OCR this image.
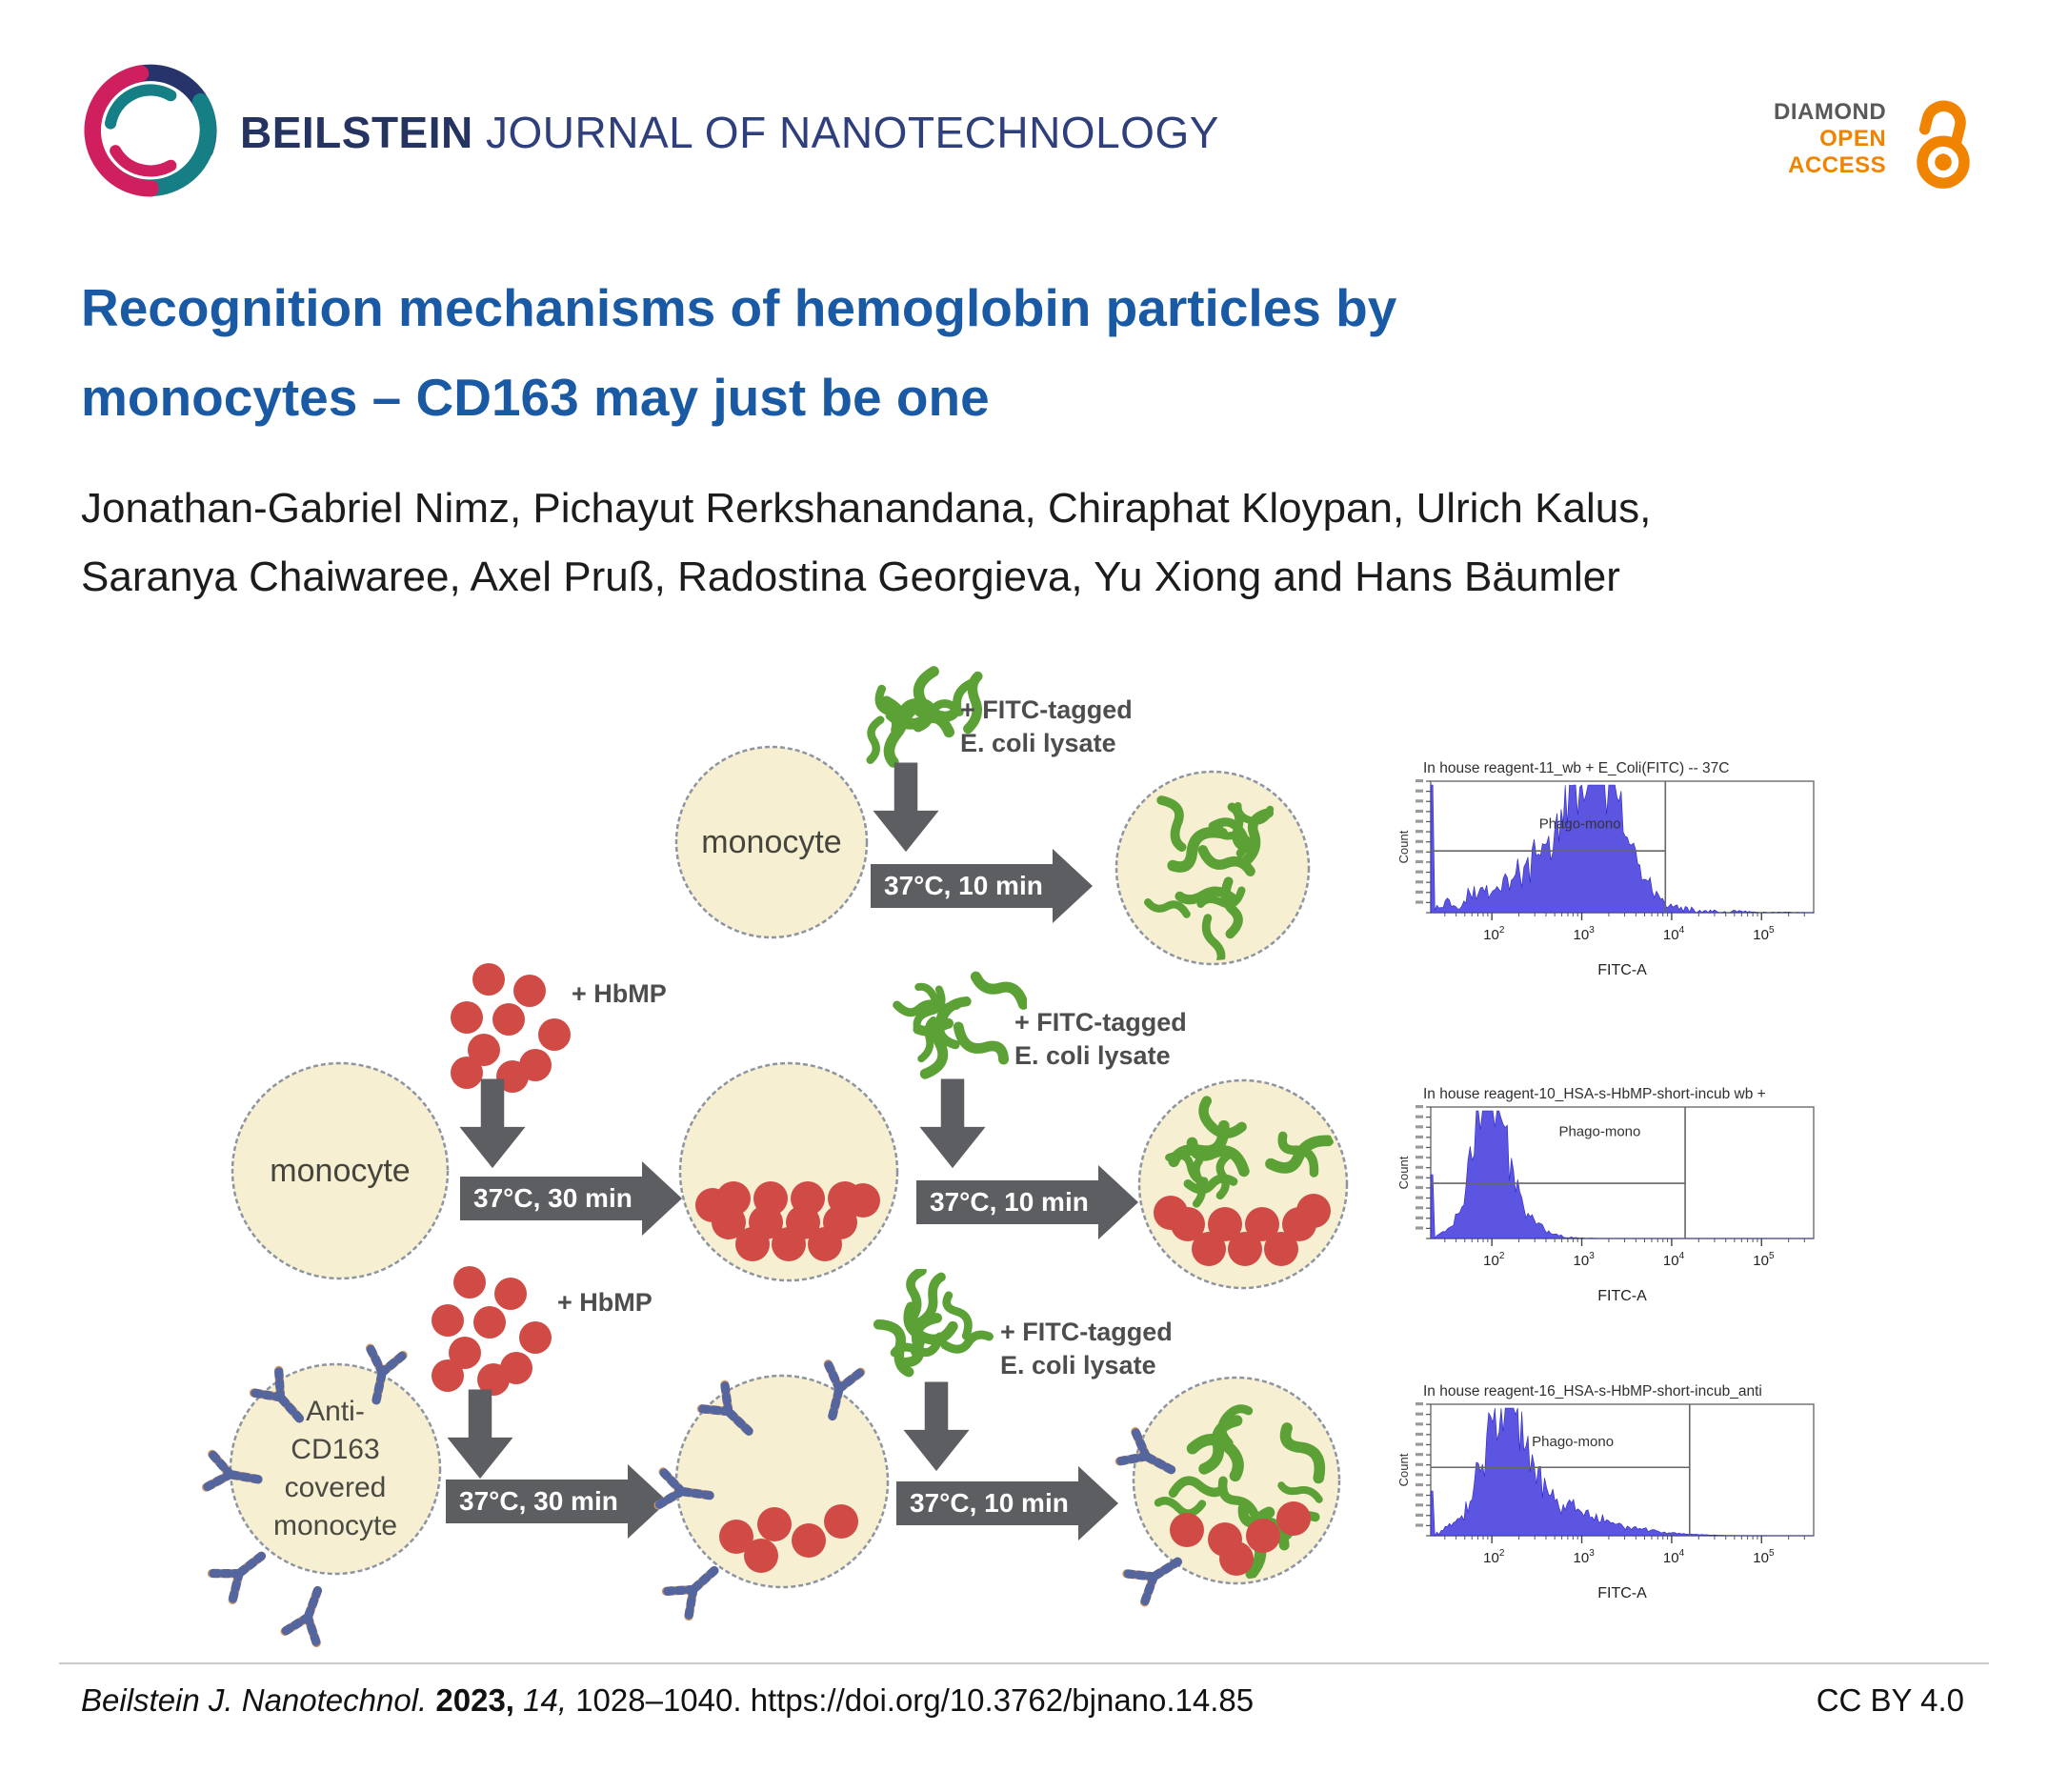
BEILSTEIN JOURNAL OF NANOTECHNOLOGY	DIAMOND
OPEN
ACCESS
Recognition mechanisms of hemoglobin particles by
monocytes – CD163 may just be one
Jonathan-Gabriel Nimz, Pichayut Rerkshanandana, Chiraphat Kloypan, Ulrich Kalus,
Saranya Chaiwaree, Axel Pruß, Radostina Georgieva, Yu Xiong and Hans Bäumler
monocyte
+ FITC-tagged
E. coli lysate
37°C, 10 min
In house reagent-11_wb + E_Coli(FITC) -- 37C
Count
$10^2$	$10^3$	$10^4$	$10^5$
FITC-A
Phago-mono
+ HbMP
monocyte
37°C, 30 min
+ FITC-tagged
E. coli lysate
37°C, 10 min
In house reagent-10_HSA-s-HbMP-short-incub wb +
Count
$10^2$	$10^3$	$10^4$	$10^5$
FITC-A
Phago-mono
+ HbMP
Anti-
CD163
covered
monocyte
37°C, 30 min
+ FITC-tagged
E. coli lysate
37°C, 10 min
In house reagent-16_HSA-s-HbMP-short-incub_anti
Count
$10^2$	$10^3$	$10^4$	$10^5$
FITC-A
Phago-mono
Beilstein J. Nanotechnol. 2023, 14, 1028–1040. https://doi.org/10.3762/bjnano.14.85	CC BY 4.0
